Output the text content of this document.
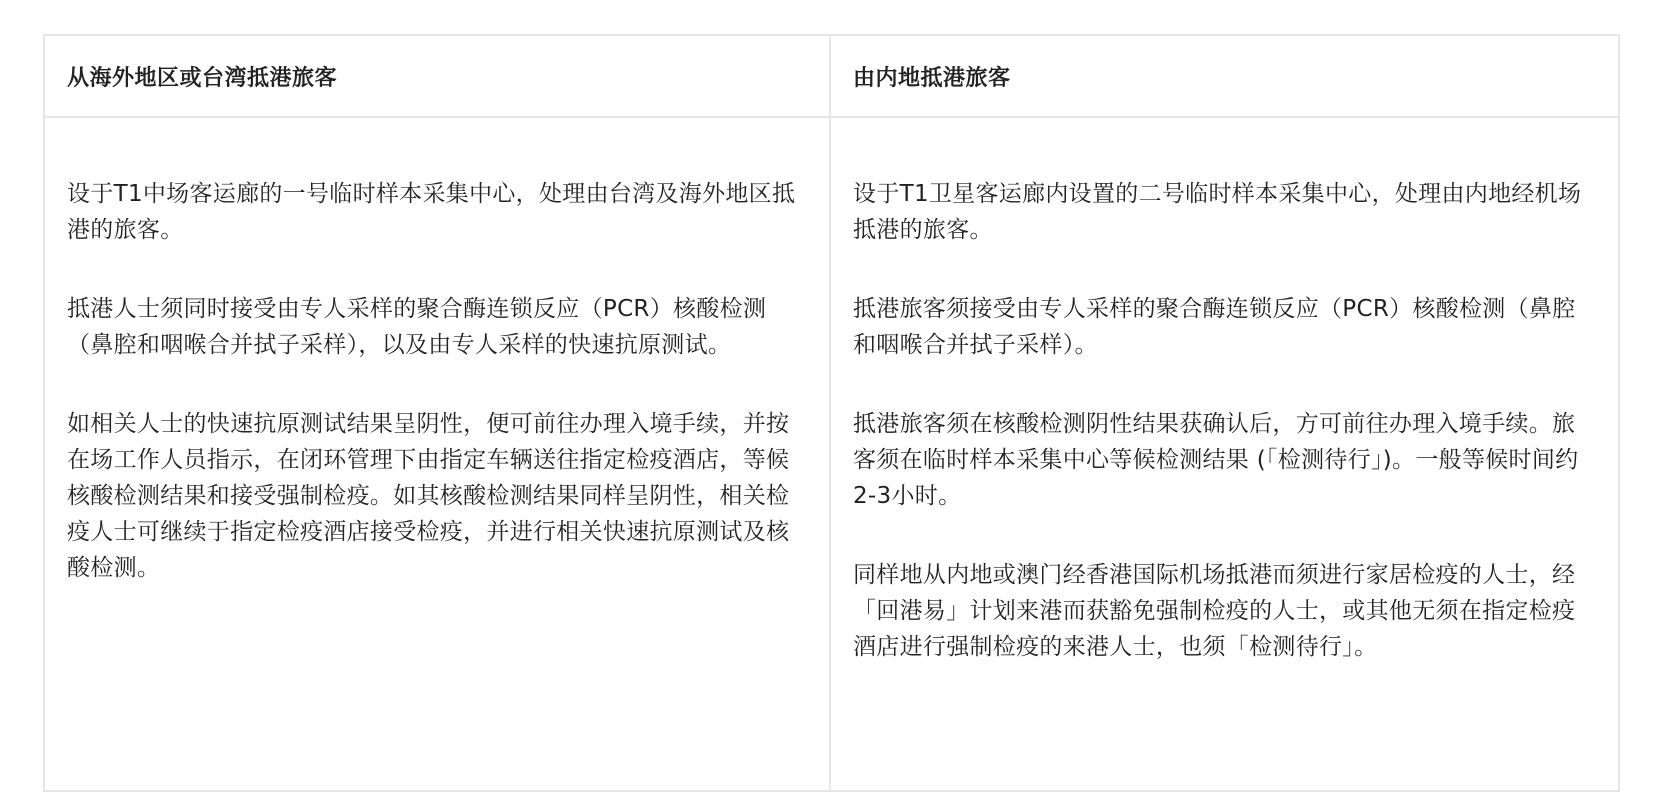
从海外地区或台湾抵港旅客	由内地抵港旅客

设于T1中场客运廊的一号临时样本采集中心，处理由台湾及海外地区抵港的旅客。

抵港人士须同时接受由专人采样的聚合酶连锁反应（PCR）核酸检测（鼻腔和咽喉合并拭子采样），以及由专人采样的快速抗原测试。

如相关人士的快速抗原测试结果呈阴性，便可前往办理入境手续，并按在场工作人员指示，在闭环管理下由指定车辆送往指定检疫酒店，等候核酸检测结果和接受强制检疫。如其核酸检测结果同样呈阴性，相关检疫人士可继续于指定检疫酒店接受检疫，并进行相关快速抗原测试及核酸检测。

设于T1卫星客运廊内设置的二号临时样本采集中心，处理由内地经机场抵港的旅客。

抵港旅客须接受由专人采样的聚合酶连锁反应（PCR）核酸检测（鼻腔和咽喉合并拭子采样）。

抵港旅客须在核酸检测阴性结果获确认后，方可前往办理入境手续。旅客须在临时样本采集中心等候检测结果 (「检测待行」)。一般等候时间约2-3小时。

同样地从内地或澳门经香港国际机场抵港而须进行家居检疫的人士，经「回港易」计划来港而获豁免强制检疫的人士，或其他无须在指定检疫酒店进行强制检疫的来港人士，也须「检测待行」。
